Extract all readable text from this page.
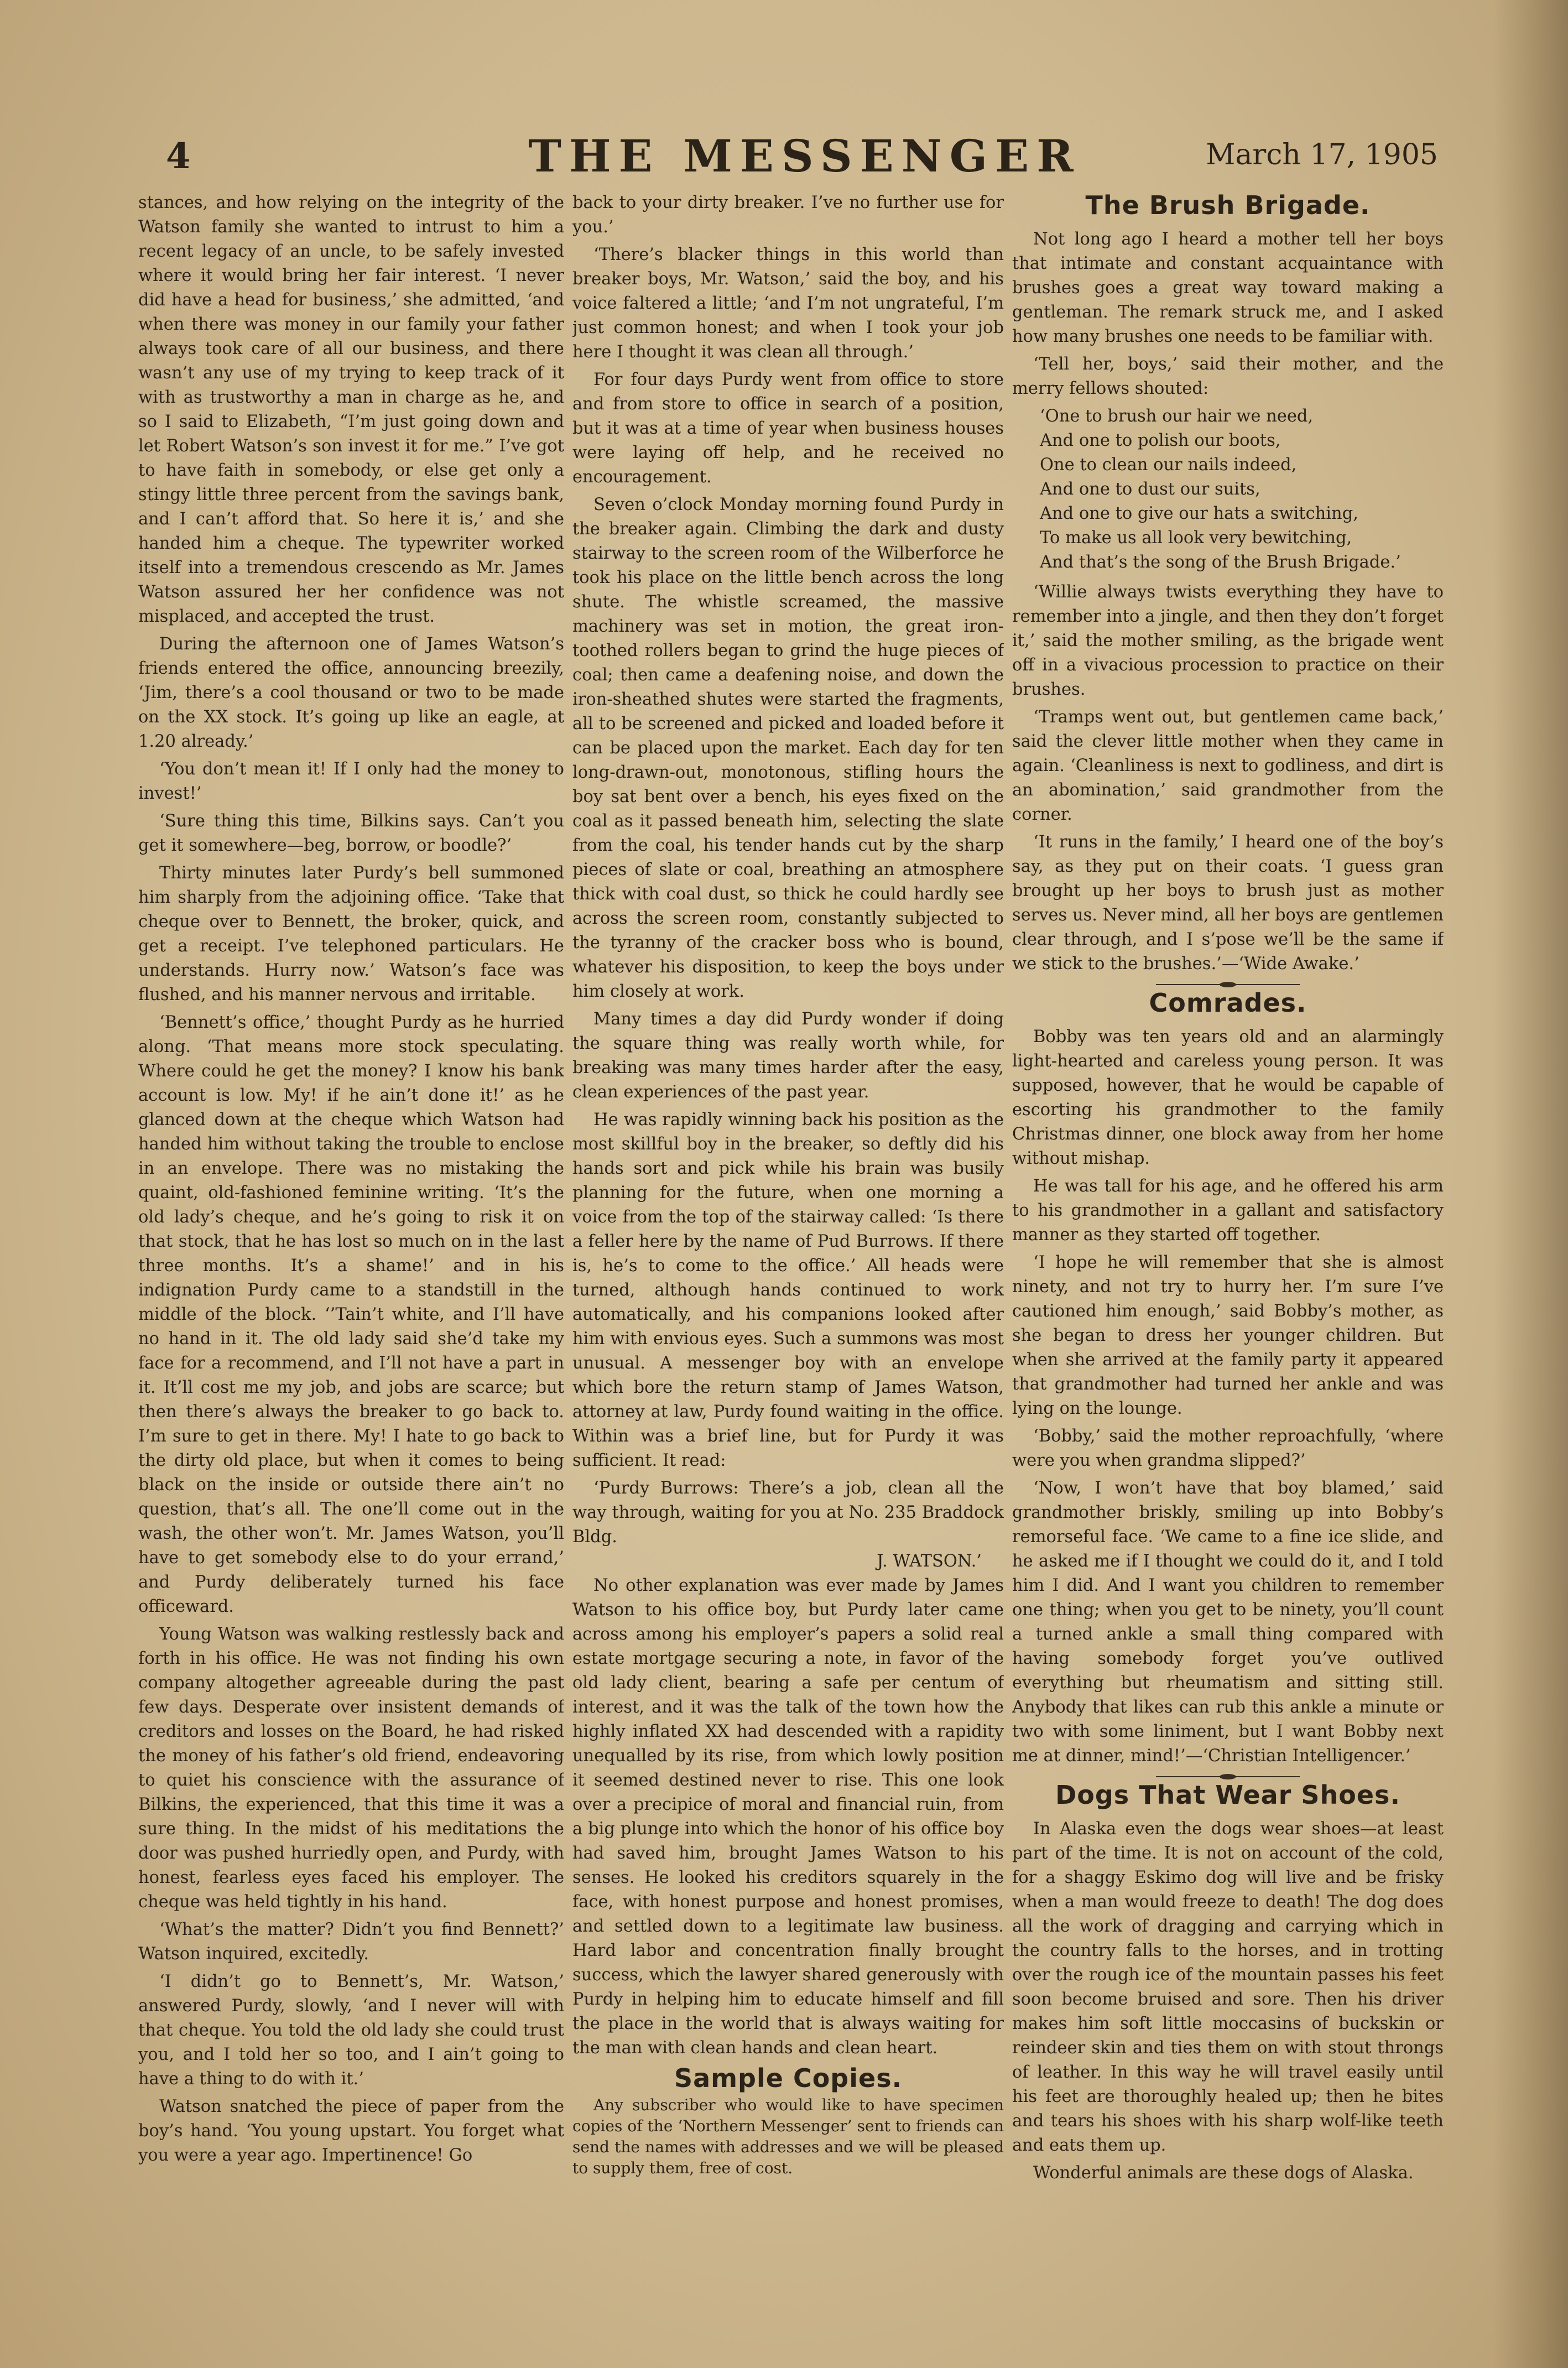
4	THE MESSENGER	March 17, 1905

stances, and how relying on the integrity of the Watson family she wanted to intrust to him a recent legacy of an uncle, to be safely invested where it would bring her fair interest. ‘I never did have a head for business,’ she admitted, ‘and when there was money in our family your father always took care of all our business, and there wasn’t any use of my trying to keep track of it with as trustworthy a man in charge as he, and so I said to Elizabeth, “I’m just going down and let Robert Watson’s son invest it for me.” I’ve got to have faith in somebody, or else get only a stingy little three percent from the savings bank, and I can’t afford that. So here it is,’ and she handed him a cheque. The typewriter worked itself into a tremendous crescendo as Mr. James Watson assured her her confidence was not misplaced, and accepted the trust.

During the afternoon one of James Watson’s friends entered the office, announcing breezily, ‘Jim, there’s a cool thousand or two to be made on the XX stock. It’s going up like an eagle, at 1.20 already.’

‘You don’t mean it! If I only had the money to invest!’

‘Sure thing this time, Bilkins says. Can’t you get it somewhere—beg, borrow, or boodle?’

Thirty minutes later Purdy’s bell summoned him sharply from the adjoining office. ‘Take that cheque over to Bennett, the broker, quick, and get a receipt. I’ve telephoned particulars. He understands. Hurry now.’ Watson’s face was flushed, and his manner nervous and irritable.

‘Bennett’s office,’ thought Purdy as he hurried along. ‘That means more stock speculating. Where could he get the money? I know his bank account is low. My! if he ain’t done it!’ as he glanced down at the cheque which Watson had handed him without taking the trouble to enclose in an envelope. There was no mistaking the quaint, old-fashioned feminine writing. ‘It’s the old lady’s cheque, and he’s going to risk it on that stock, that he has lost so much on in the last three months. It’s a shame!’ and in his indignation Purdy came to a standstill in the middle of the block. ‘’Tain’t white, and I’ll have no hand in it. The old lady said she’d take my face for a recommend, and I’ll not have a part in it. It’ll cost me my job, and jobs are scarce; but then there’s always the breaker to go back to. I’m sure to get in there. My! I hate to go back to the dirty old place, but when it comes to being black on the inside or outside there ain’t no question, that’s all. The one’ll come out in the wash, the other won’t. Mr. James Watson, you’ll have to get somebody else to do your errand,’ and Purdy deliberately turned his face officeward.

Young Watson was walking restlessly back and forth in his office. He was not finding his own company altogether agreeable during the past few days. Desperate over insistent demands of creditors and losses on the Board, he had risked the money of his father’s old friend, endeavoring to quiet his conscience with the assurance of Bilkins, the experienced, that this time it was a sure thing. In the midst of his meditations the door was pushed hurriedly open, and Purdy, with honest, fearless eyes faced his employer. The cheque was held tightly in his hand.

‘What’s the matter? Didn’t you find Bennett?’ Watson inquired, excitedly.

‘I didn’t go to Bennett’s, Mr. Watson,’ answered Purdy, slowly, ‘and I never will with that cheque. You told the old lady she could trust you, and I told her so too, and I ain’t going to have a thing to do with it.’

Watson snatched the piece of paper from the boy’s hand. ‘You young upstart. You forget what you were a year ago. Impertinence! Go

back to your dirty breaker. I’ve no further use for you.’

‘There’s blacker things in this world than breaker boys, Mr. Watson,’ said the boy, and his voice faltered a little; ‘and I’m not ungrateful, I’m just common honest; and when I took your job here I thought it was clean all through.’

For four days Purdy went from office to store and from store to office in search of a position, but it was at a time of year when business houses were laying off help, and he received no encouragement.

Seven o’clock Monday morning found Purdy in the breaker again. Climbing the dark and dusty stairway to the screen room of the Wilberforce he took his place on the little bench across the long shute. The whistle screamed, the massive machinery was set in motion, the great iron-toothed rollers began to grind the huge pieces of coal; then came a deafening noise, and down the iron-sheathed shutes were started the fragments, all to be screened and picked and loaded before it can be placed upon the market. Each day for ten long-drawn-out, monotonous, stifling hours the boy sat bent over a bench, his eyes fixed on the coal as it passed beneath him, selecting the slate from the coal, his tender hands cut by the sharp pieces of slate or coal, breathing an atmosphere thick with coal dust, so thick he could hardly see across the screen room, constantly subjected to the tyranny of the cracker boss who is bound, whatever his disposition, to keep the boys under him closely at work.

Many times a day did Purdy wonder if doing the square thing was really worth while, for breaking was many times harder after the easy, clean experiences of the past year.

He was rapidly winning back his position as the most skillful boy in the breaker, so deftly did his hands sort and pick while his brain was busily planning for the future, when one morning a voice from the top of the stairway called: ‘Is there a feller here by the name of Pud Burrows. If there is, he’s to come to the office.’ All heads were turned, although hands continued to work automatically, and his companions looked after him with envious eyes. Such a summons was most unusual. A messenger boy with an envelope which bore the return stamp of James Watson, attorney at law, Purdy found waiting in the office. Within was a brief line, but for Purdy it was sufficient. It read:

‘Purdy Burrows: There’s a job, clean all the way through, waiting for you at No. 235 Braddock Bldg.

J. WATSON.’

No other explanation was ever made by James Watson to his office boy, but Purdy later came across among his employer’s papers a solid real estate mortgage securing a note, in favor of the old lady client, bearing a safe per centum of interest, and it was the talk of the town how the highly inflated XX had descended with a rapidity unequalled by its rise, from which lowly position it seemed destined never to rise. This one look over a precipice of moral and financial ruin, from a big plunge into which the honor of his office boy had saved him, brought James Watson to his senses. He looked his creditors squarely in the face, with honest purpose and honest promises, and settled down to a legitimate law business. Hard labor and concentration finally brought success, which the lawyer shared generously with Purdy in helping him to educate himself and fill the place in the world that is always waiting for the man with clean hands and clean heart.

Sample Copies.

Any subscriber who would like to have specimen copies of the ‘Northern Messenger’ sent to friends can send the names with addresses and we will be pleased to supply them, free of cost.

The Brush Brigade.

Not long ago I heard a mother tell her boys that intimate and constant acquaintance with brushes goes a great way toward making a gentleman. The remark struck me, and I asked how many brushes one needs to be familiar with.

‘Tell her, boys,’ said their mother, and the merry fellows shouted:

‘One to brush our hair we need,
And one to polish our boots,
One to clean our nails indeed,
And one to dust our suits,
And one to give our hats a switching,
To make us all look very bewitching,
And that’s the song of the Brush Brigade.’

‘Willie always twists everything they have to remember into a jingle, and then they don’t forget it,’ said the mother smiling, as the brigade went off in a vivacious procession to practice on their brushes.

‘Tramps went out, but gentlemen came back,’ said the clever little mother when they came in again. ‘Cleanliness is next to godliness, and dirt is an abomination,’ said grandmother from the corner.

‘It runs in the family,’ I heard one of the boy’s say, as they put on their coats. ‘I guess gran brought up her boys to brush just as mother serves us. Never mind, all her boys are gentlemen clear through, and I s’pose we’ll be the same if we stick to the brushes.’—‘Wide Awake.’

Comrades.

Bobby was ten years old and an alarmingly light-hearted and careless young person. It was supposed, however, that he would be capable of escorting his grandmother to the family Christmas dinner, one block away from her home without mishap.

He was tall for his age, and he offered his arm to his grandmother in a gallant and satisfactory manner as they started off together.

‘I hope he will remember that she is almost ninety, and not try to hurry her. I’m sure I’ve cautioned him enough,’ said Bobby’s mother, as she began to dress her younger children. But when she arrived at the family party it appeared that grandmother had turned her ankle and was lying on the lounge.

‘Bobby,’ said the mother reproachfully, ‘where were you when grandma slipped?’

‘Now, I won’t have that boy blamed,’ said grandmother briskly, smiling up into Bobby’s remorseful face. ‘We came to a fine ice slide, and he asked me if I thought we could do it, and I told him I did. And I want you children to remember one thing; when you get to be ninety, you’ll count a turned ankle a small thing compared with having somebody forget you’ve outlived everything but rheumatism and sitting still. Anybody that likes can rub this ankle a minute or two with some liniment, but I want Bobby next me at dinner, mind!’—‘Christian Intelligencer.’

Dogs That Wear Shoes.

In Alaska even the dogs wear shoes—at least part of the time. It is not on account of the cold, for a shaggy Eskimo dog will live and be frisky when a man would freeze to death! The dog does all the work of dragging and carrying which in the country falls to the horses, and in trotting over the rough ice of the mountain passes his feet soon become bruised and sore. Then his driver makes him soft little moccasins of buckskin or reindeer skin and ties them on with stout throngs of leather. In this way he will travel easily until his feet are thoroughly healed up; then he bites and tears his shoes with his sharp wolf-like teeth and eats them up.

Wonderful animals are these dogs of Alaska.
